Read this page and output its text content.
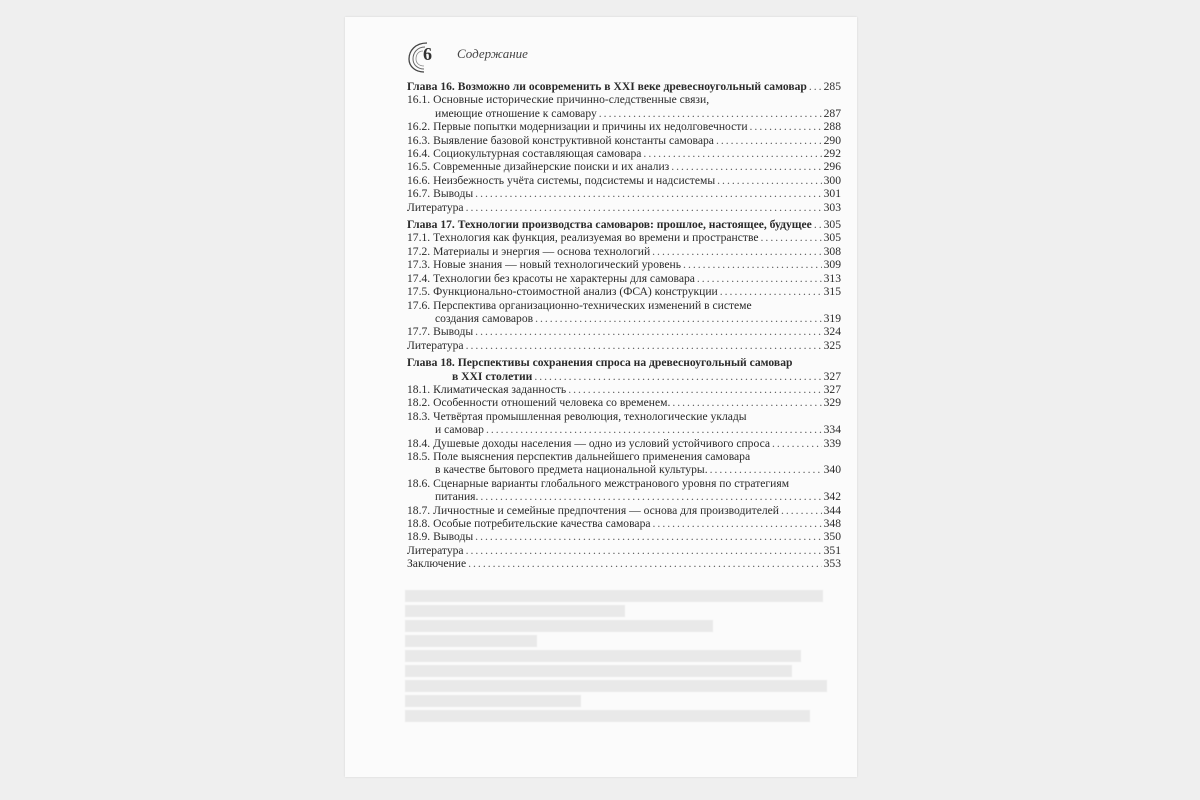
6 Содержание
Глава 16. Возможно ли осовременить в XXI веке древесноугольный самовар ..... 285
16.1. Основные исторические причинно-следственные связи,
имеющие отношение к самовару .....	287
16.2. Первые попытки модернизации и причины их недолговечности .....	288
16.3. Выявление базовой конструктивной константы самовара .....	290
16.4. Социокультурная составляющая самовара .....	292
16.5. Современные дизайнерские поиски и их анализ .....	296
16.6. Неизбежность учёта системы, подсистемы и надсистемы .....	300
16.7. Выводы .....	301
Литература .....	303
Глава 17. Технологии производства самоваров: прошлое, настоящее, будущее ..... 305
17.1. Технология как функция, реализуемая во времени и пространстве .....	305
17.2. Материалы и энергия — основа технологий .....	308
17.3. Новые знания — новый технологический уровень .....	309
17.4. Технологии без красоты не характерны для самовара .....	313
17.5. Функционально-стоимостной анализ (ФСА) конструкции .....	315
17.6. Перспектива организационно-технических изменений в системе
создания самоваров .....	319
17.7. Выводы .....	324
Литература .....	325
Глава 18. Перспективы сохранения спроса на древесноугольный самовар
в XXI столетии .....	327
18.1. Климатическая заданность .....	327
18.2. Особенности отношений человека со временем. .....	329
18.3. Четвёртая промышленная революция, технологические уклады
и самовар .....	334
18.4. Душевые доходы населения — одно из условий устойчивого спроса .....	339
18.5. Поле выяснения перспектив дальнейшего применения самовара
в качестве бытового предмета национальной культуры. .....	340
18.6. Сценарные варианты глобального межстранового уровня по стратегиям
питания. .....	342
18.7. Личностные и семейные предпочтения — основа для производителей .....	344
18.8. Особые потребительские качества самовара .....	348
18.9. Выводы .....	350
Литература .....	351
Заключение .....	353
